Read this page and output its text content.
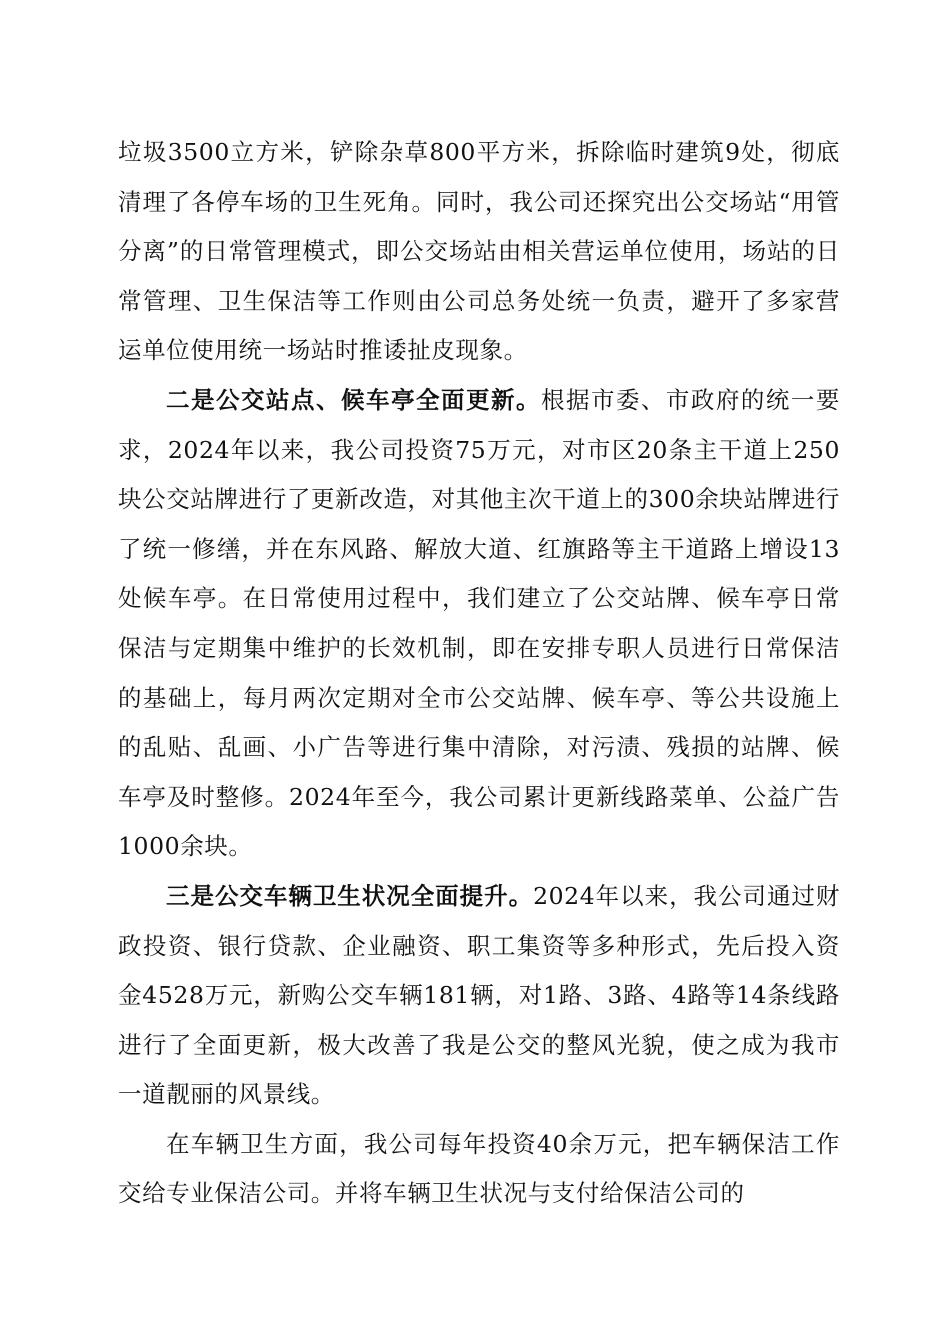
垃圾3500立方米，铲除杂草800平方米，拆除临时建筑9处，彻底清理了各停车场的卫生死角。同时，我公司还探究出公交场站“用管分离”的日常管理模式，即公交场站由相关营运单位使用，场站的日常管理、卫生保洁等工作则由公司总务处统一负责，避开了多家营运单位使用统一场站时推诿扯皮现象。

二是公交站点、候车亭全面更新。根据市委、市政府的统一要求，2024年以来，我公司投资75万元，对市区20条主干道上250块公交站牌进行了更新改造，对其他主次干道上的300余块站牌进行了统一修缮，并在东风路、解放大道、红旗路等主干道路上增设13处候车亭。在日常使用过程中，我们建立了公交站牌、候车亭日常保洁与定期集中维护的长效机制，即在安排专职人员进行日常保洁的基础上，每月两次定期对全市公交站牌、候车亭、等公共设施上的乱贴、乱画、小广告等进行集中清除，对污渍、残损的站牌、候车亭及时整修。2024年至今，我公司累计更新线路菜单、公益广告1000余块。

三是公交车辆卫生状况全面提升。2024年以来，我公司通过财政投资、银行贷款、企业融资、职工集资等多种形式，先后投入资金4528万元，新购公交车辆181辆，对1路、3路、4路等14条线路进行了全面更新，极大改善了我是公交的整风光貌，使之成为我市一道靓丽的风景线。

在车辆卫生方面，我公司每年投资40余万元，把车辆保洁工作交给专业保洁公司。并将车辆卫生状况与支付给保洁公司的
